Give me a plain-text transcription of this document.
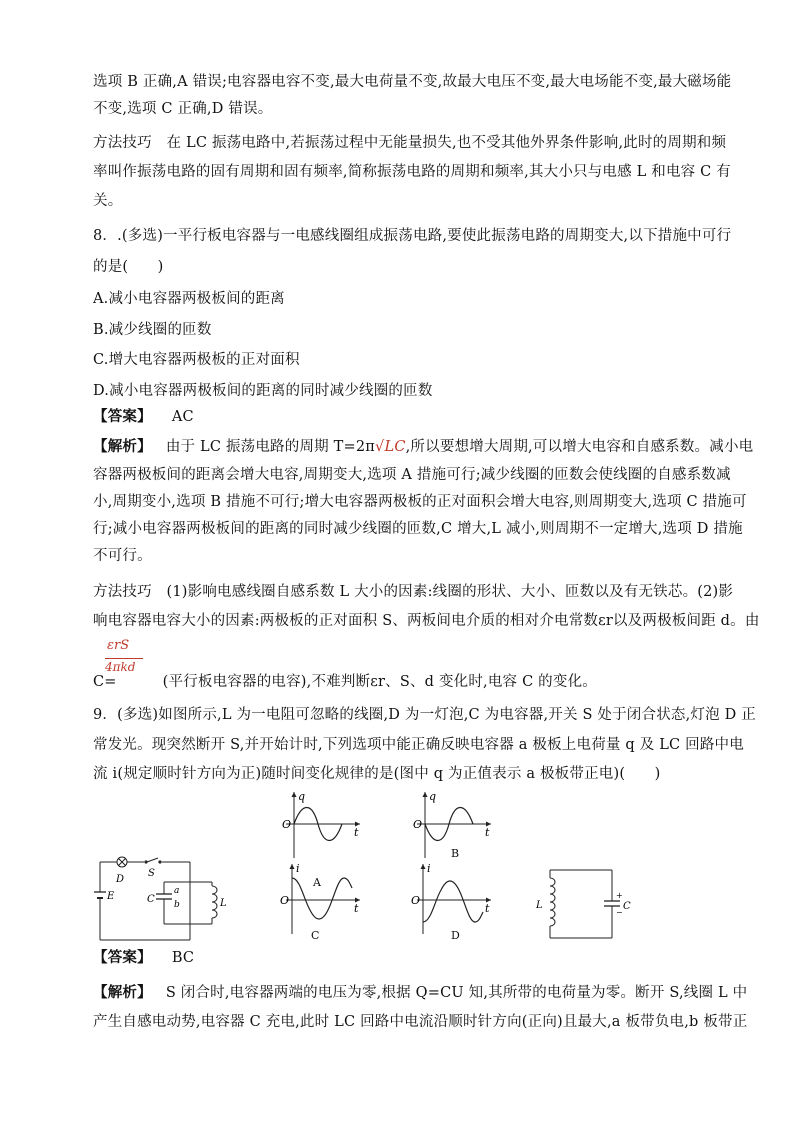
选项 B 正确,A 错误;电容器电容不变,最大电荷量不变,故最大电压不变,最大电场能不变,最大磁场能
不变,选项 C 正确,D 错误。
方法技巧　在 LC 振荡电路中,若振荡过程中无能量损失,也不受其他外界条件影响,此时的周期和频
率叫作振荡电路的固有周期和固有频率,简称振荡电路的周期和频率,其大小只与电感 L 和电容 C 有
关。
8．.(多选)一平行板电容器与一电感线圈组成振荡电路,要使此振荡电路的周期变大,以下措施中可行
的是(　　)
A.减小电容器两极板间的距离
B.减少线圈的匝数
C.增大电容器两极板的正对面积
D.减小电容器两极板间的距离的同时减少线圈的匝数
【答案】 AC
【解析】 由于 LC 振荡电路的周期 T=2π√LC,所以要想增大周期,可以增大电容和自感系数。减小电
容器两极板间的距离会增大电容,周期变大,选项 A 措施可行;减少线圈的匝数会使线圈的自感系数减
小,周期变小,选项 B 措施不可行;增大电容器两极板的正对面积会增大电容,则周期变大,选项 C 措施可
行;减小电容器两极板间的距离的同时减少线圈的匝数,C 增大,L 减小,则周期不一定增大,选项 D 措施
不可行。
方法技巧　(1)影响电感线圈自感系数 L 大小的因素:线圈的形状、大小、匝数以及有无铁芯。(2)影
响电容器电容大小的因素:两极板的正对面积 S、两板间电介质的相对介电常数εr以及两极板间距 d。由
εrS
4πkd
C=	(平行板电容器的电容),不难判断εr、S、d 变化时,电容 C 的变化。
9．(多选)如图所示,L 为一电阻可忽略的线圈,D 为一灯泡,C 为电容器,开关 S 处于闭合状态,灯泡 D 正
常发光。现突然断开 S,并开始计时,下列选项中能正确反映电容器 a 极板上电荷量 q 及 LC 回路中电
流 i(规定顺时针方向为正)随时间变化规律的是(图中 q 为正值表示 a 极板带正电)(　　)
q
t
O
A
q
t
O
B
D
S
E	C
a
b	L
i
t
O
C
i
t
O
D
L	C
+
−
【答案】 BC
【解析】 S 闭合时,电容器两端的电压为零,根据 Q=CU 知,其所带的电荷量为零。断开 S,线圈 L 中
产生自感电动势,电容器 C 充电,此时 LC 回路中电流沿顺时针方向(正向)且最大,a 板带负电,b 板带正
